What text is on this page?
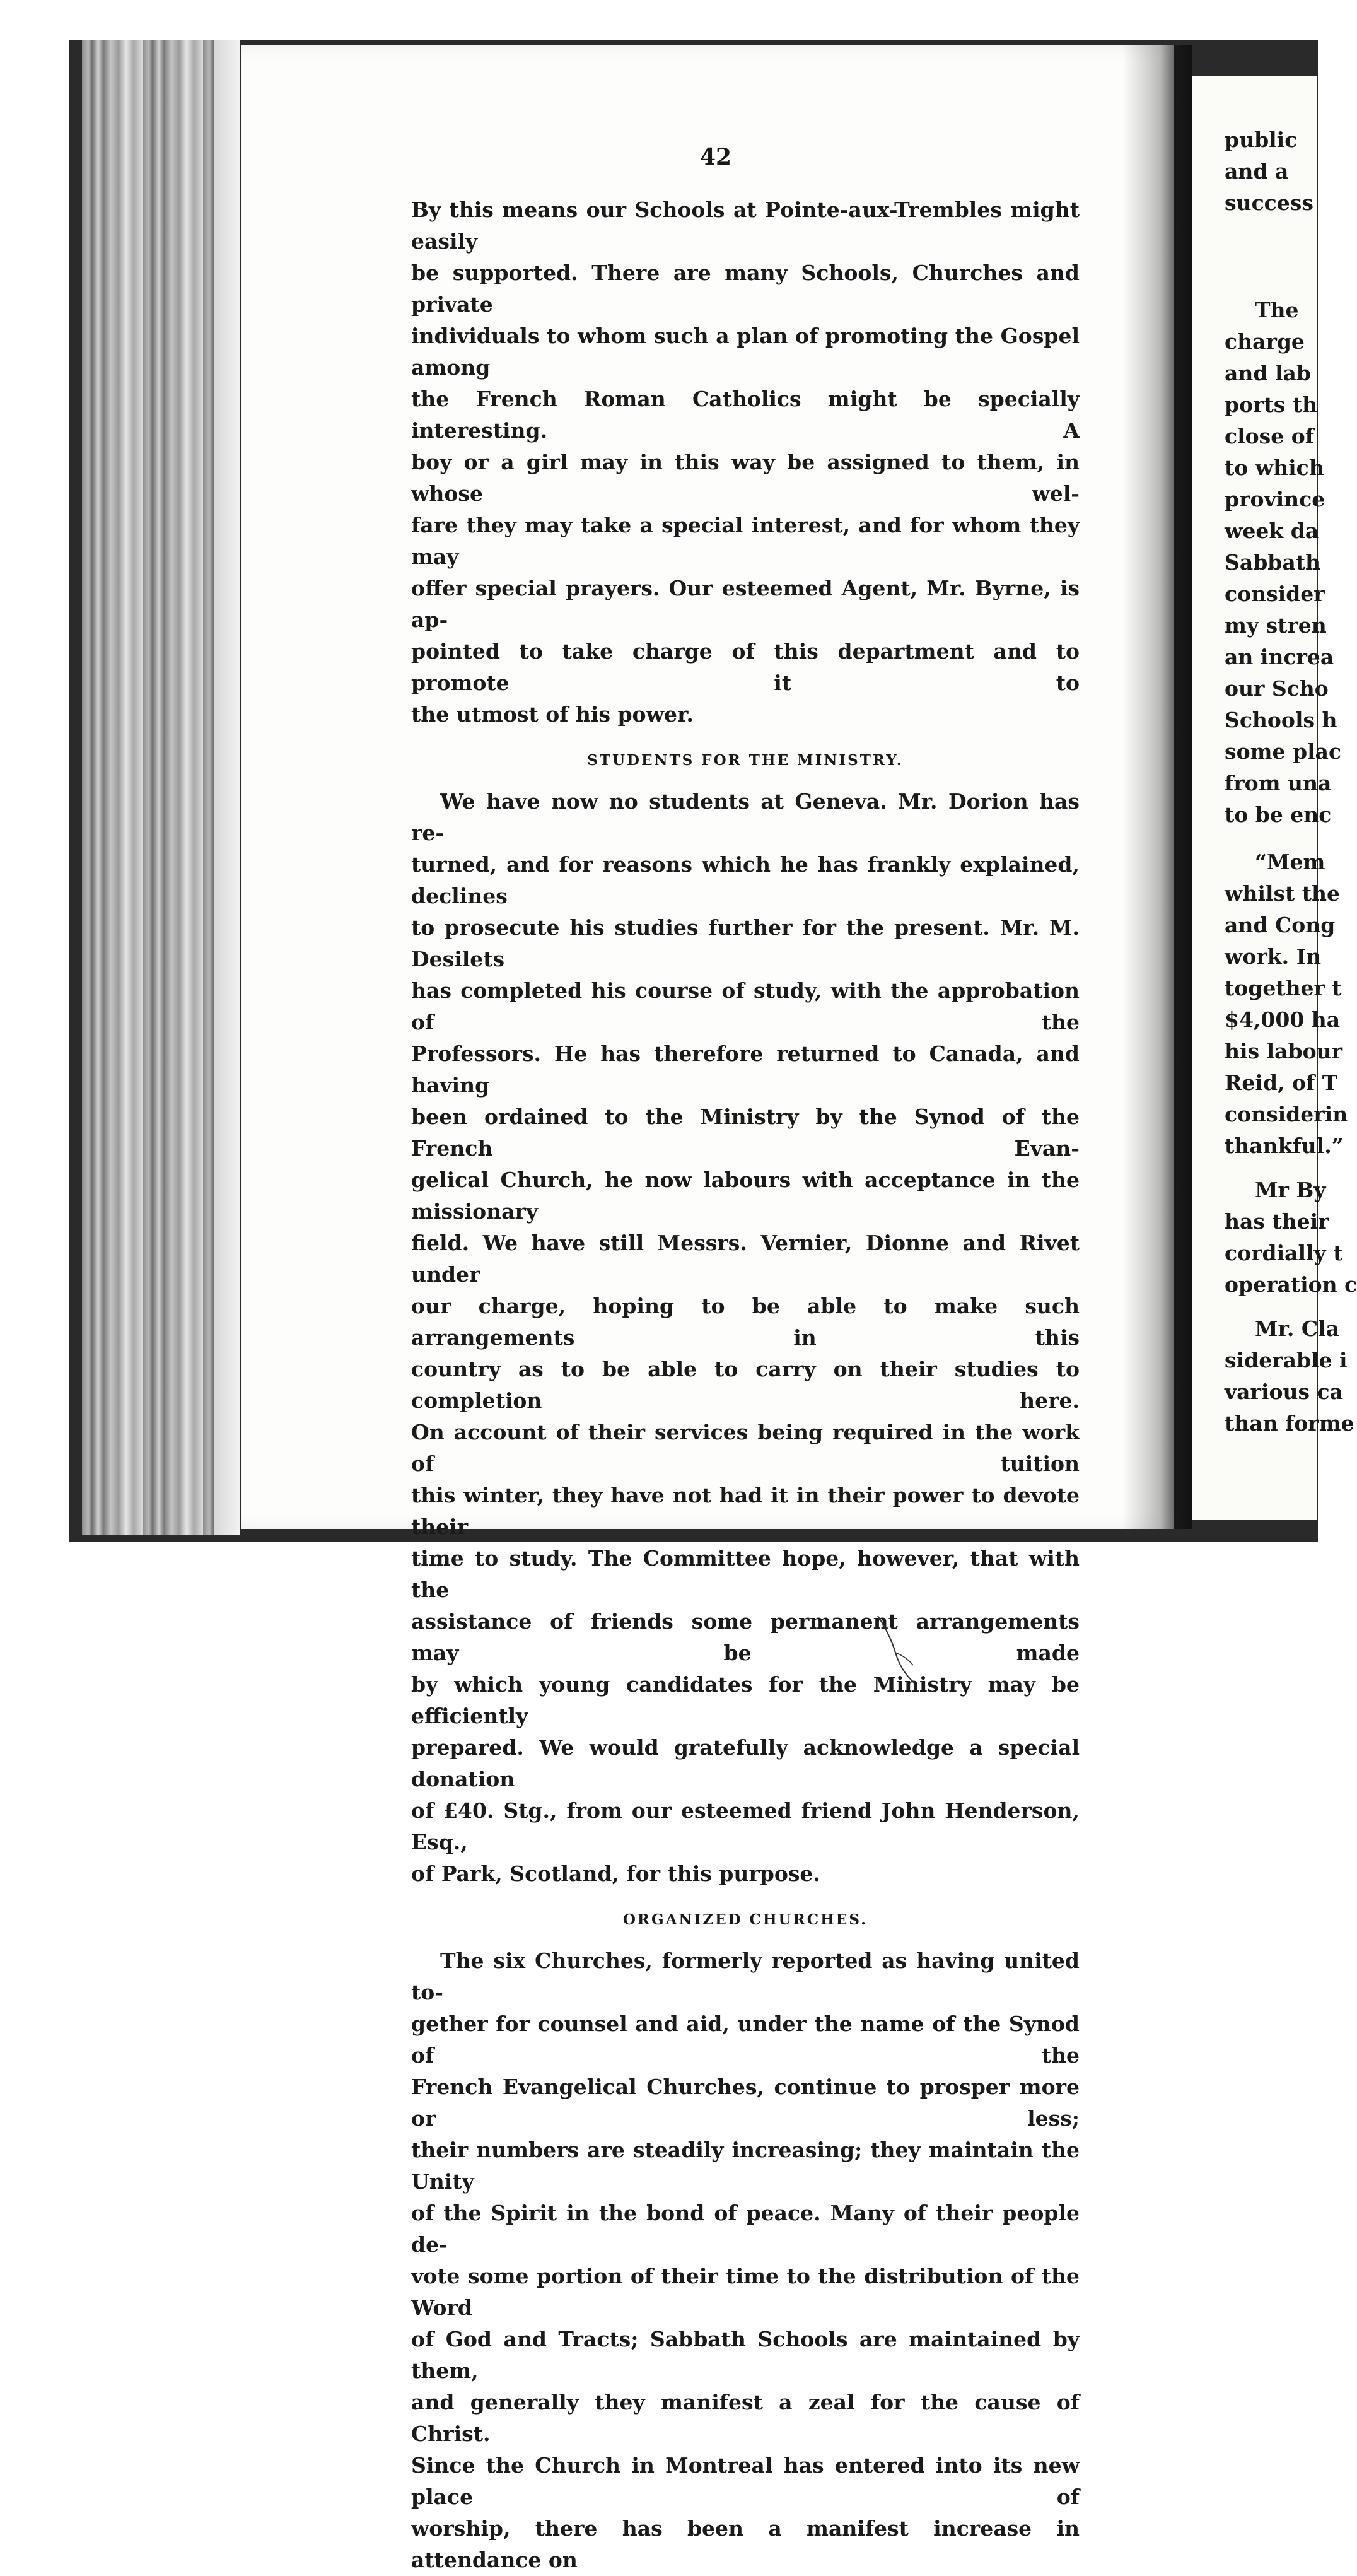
42

By this means our Schools at Pointe-aux-Trembles might easily
be supported. There are many Schools, Churches and private
individuals to whom such a plan of promoting the Gospel among
the French Roman Catholics might be specially interesting. A
boy or a girl may in this way be assigned to them, in whose wel-
fare they may take a special interest, and for whom they may
offer special prayers. Our esteemed Agent, Mr. Byrne, is ap-
pointed to take charge of this department and to promote it to
the utmost of his power.

STUDENTS FOR THE MINISTRY.

We have now no students at Geneva. Mr. Dorion has re-
turned, and for reasons which he has frankly explained, declines
to prosecute his studies further for the present. Mr. M. Desilets
has completed his course of study, with the approbation of the
Professors. He has therefore returned to Canada, and having
been ordained to the Ministry by the Synod of the French Evan-
gelical Church, he now labours with acceptance in the missionary
field. We have still Messrs. Vernier, Dionne and Rivet under
our charge, hoping to be able to make such arrangements in this
country as to be able to carry on their studies to completion here.
On account of their services being required in the work of tuition
this winter, they have not had it in their power to devote their
time to study. The Committee hope, however, that with the
assistance of friends some permanent arrangements may be made
by which young candidates for the Ministry may be efficiently
prepared. We would gratefully acknowledge a special donation
of £40. Stg., from our esteemed friend John Henderson, Esq.,
of Park, Scotland, for this purpose.

ORGANIZED CHURCHES.

The six Churches, formerly reported as having united to-
gether for counsel and aid, under the name of the Synod of the
French Evangelical Churches, continue to prosper more or less;
their numbers are steadily increasing; they maintain the Unity
of the Spirit in the bond of peace. Many of their people de-
vote some portion of their time to the distribution of the Word
of God and Tracts; Sabbath Schools are maintained by them,
and generally they manifest a zeal for the cause of Christ.
Since the Church in Montreal has entered into its new place of
worship, there has been a manifest increase in attendance on

public
and a
success
The
charge
and lab
ports th
close of
to which
province
week da
Sabbath
consider
my stren
an increa
our Scho
Schools h
some plac
from una
to be enc
“Mem
whilst the
and Cong
work. In
together t
$4,000 ha
his labour
Reid, of T
considerin
thankful.”
Mr By
has their
cordially t
operation c
Mr. Cla
siderable i
various ca
than forme
